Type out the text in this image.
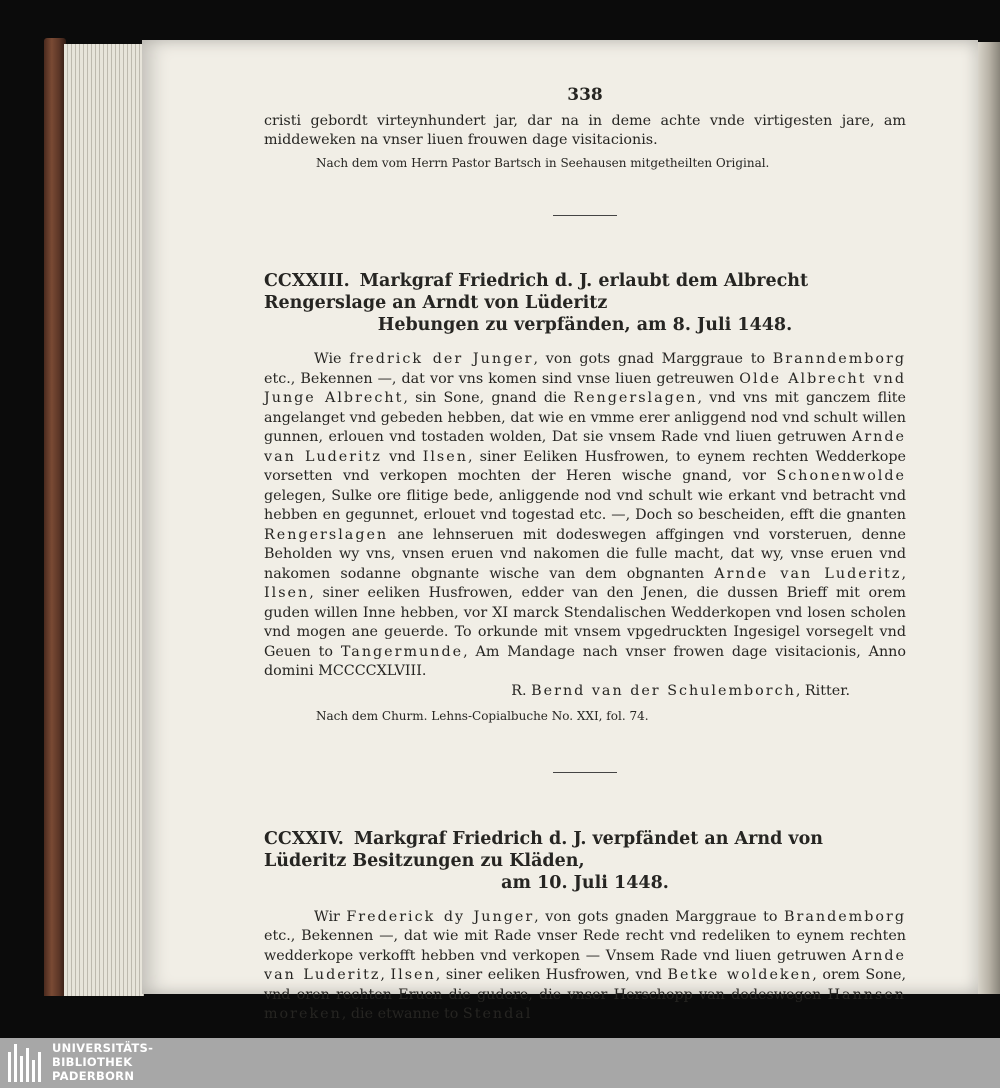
338

cristi gebordt virteynhundert jar, dar na in deme achte vnde virtigesten jare, am middeweken na vnser liuen frouwen dage visitacionis.

Nach dem vom Herrn Pastor Bartsch in Seehausen mitgetheilten Original.
CCXXIII. Markgraf Friedrich d. J. erlaubt dem Albrecht Rengerslage an Arndt von Lüderitz
Hebungen zu verpfänden, am 8. Juli 1448.

Wie fredrick der Junger, von gots gnad Marggraue to Branndemborg etc., Bekennen —, dat vor vns komen sind vnse liuen getreuwen Olde Albrecht vnd Junge Albrecht, sin Sone, gnand die Rengerslagen, vnd vns mit ganczem flite angelanget vnd gebeden hebben, dat wie en vmme erer anliggend nod vnd schult willen gunnen, erlouen vnd tostaden wolden, Dat sie vnsem Rade vnd liuen getruwen Arnde van Luderitz vnd Ilsen, siner Eeliken Husfrowen, to eynem rechten Wedderkope vorsetten vnd verkopen mochten der Heren wische gnand, vor Schonenwolde gelegen, Sulke ore flitige bede, anliggende nod vnd schult wie erkant vnd betracht vnd hebben en gegunnet, erlouet vnd togestad etc. —, Doch so bescheiden, efft die gnanten Rengerslagen ane lehnseruen mit dodeswegen affgingen vnd vorsteruen, denne Beholden wy vns, vnsen eruen vnd nakomen die fulle macht, dat wy, vnse eruen vnd nakomen sodanne obgnante wische van dem obgnanten Arnde van Luderitz, Ilsen, siner eeliken Husfrowen, edder van den Jenen, die dussen Brieff mit orem guden willen Inne hebben, vor XI marck Stendalischen Wedderkopen vnd losen scholen vnd mogen ane geuerde. To orkunde mit vnsem vpgedruckten Ingesigel vorsegelt vnd Geuen to Tangermunde, Am Mandage nach vnser frowen dage visitacionis, Anno domini MCCCCXLVIII.

R. Bernd van der Schulemborch, Ritter.
Nach dem Churm. Lehns-Copialbuche No. XXI, fol. 74.
CCXXIV. Markgraf Friedrich d. J. verpfändet an Arnd von Lüderitz Besitzungen zu Kläden,
am 10. Juli 1448.

Wir Frederick dy Junger, von gots gnaden Marggraue to Brandemborg etc., Bekennen —, dat wie mit Rade vnser Rede recht vnd redeliken to eynem rechten wedderkope verkofft hebben vnd verkopen — Vnsem Rade vnd liuen getruwen Arnde van Luderitz, Ilsen, siner eeliken Husfrowen, vnd Betke woldeken, orem Sone, vnd oren rechten Eruen die gudere, die vnser Herschopp van dodeswegen Hannsen moreken, die etwanne to Stendal

UNIVERSITÄTS-
BIBLIOTHEK
PADERBORN
